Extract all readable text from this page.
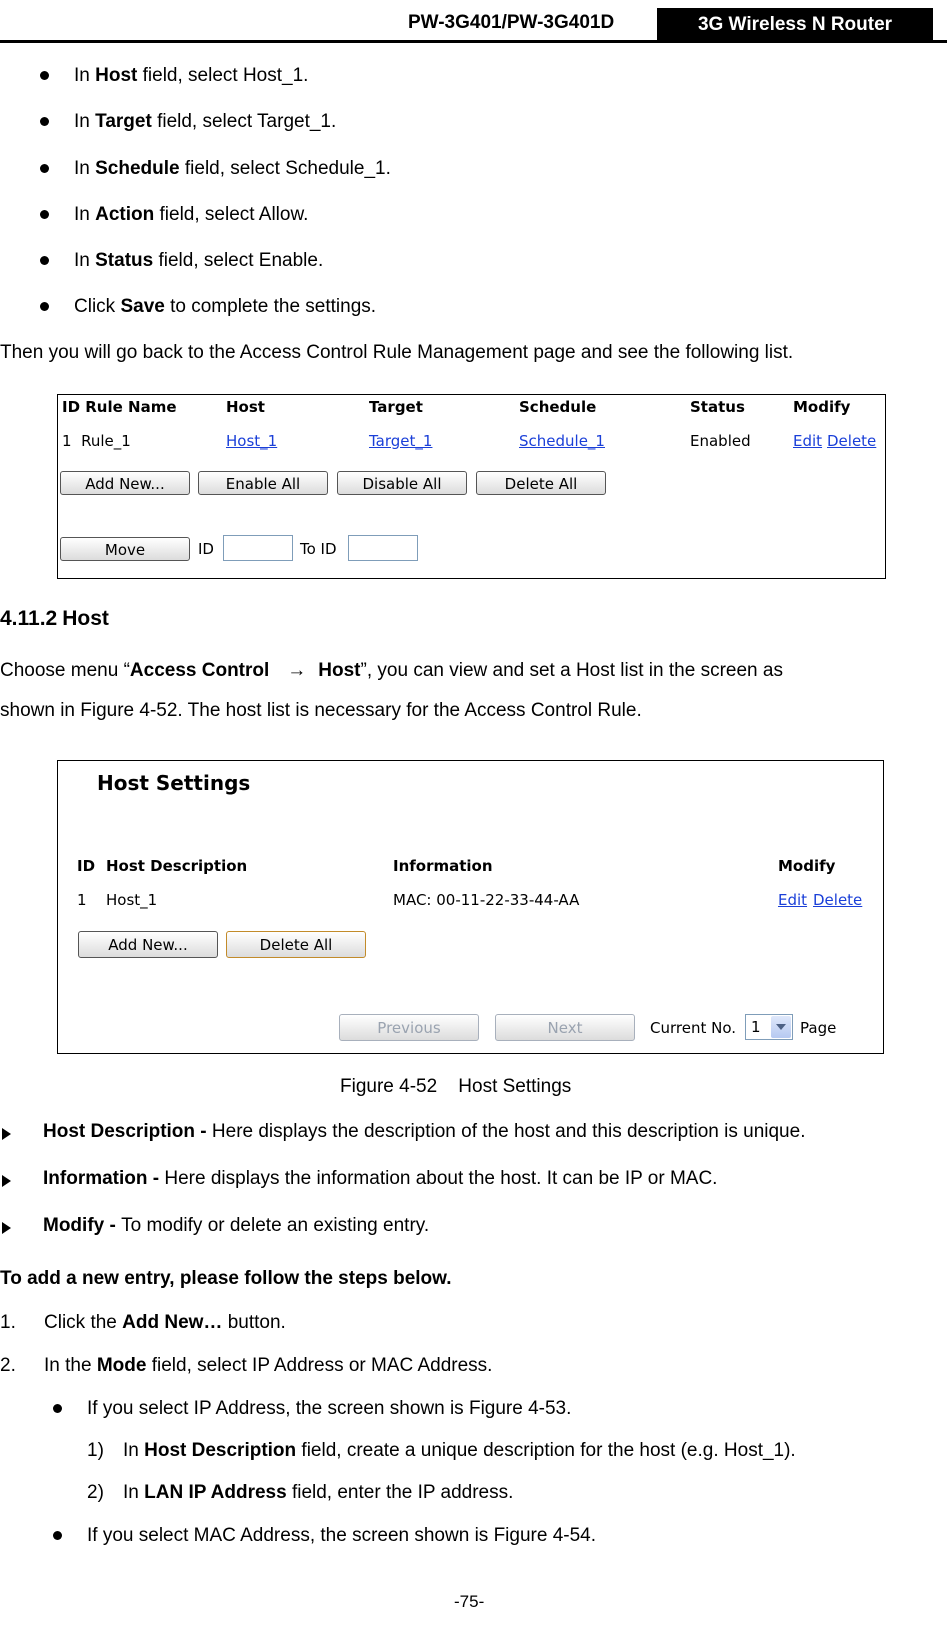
PW-3G401/PW-3G401D	3G Wireless N Router
In Host field, select Host_1.
In Target field, select Target_1.
In Schedule field, select Schedule_1.
In Action field, select Allow.
In Status field, select Enable.
Click Save to complete the settings.
Then you will go back to the Access Control Rule Management page and see the following list.
ID Rule Name	Host	Target	Schedule	Status	Modify
1  Rule_1	Host_1	Target_1	Schedule_1	Enabled	Edit Delete
Add New...	Enable All	Disable All	Delete All
Move	ID	To ID
4.11.2 Host
Choose menu “Access Control → Host”, you can view and set a Host list in the screen as
shown in Figure 4-52. The host list is necessary for the Access Control Rule.
Host Settings
ID Host Description	Information	Modify
1 Host_1	MAC: 00-11-22-33-44-AA	Edit Delete
Add New...	Delete All
Previous	Next	Current No. 1	Page
Figure 4-52    Host Settings
Host Description - Here displays the description of the host and this description is unique.
Information - Here displays the information about the host. It can be IP or MAC.
Modify - To modify or delete an existing entry.
To add a new entry, please follow the steps below.
1. Click the Add New… button.
2. In the Mode field, select IP Address or MAC Address.
If you select IP Address, the screen shown is Figure 4-53.
1) In Host Description field, create a unique description for the host (e.g. Host_1).
2) In LAN IP Address field, enter the IP address.
If you select MAC Address, the screen shown is Figure 4-54.
-75-
